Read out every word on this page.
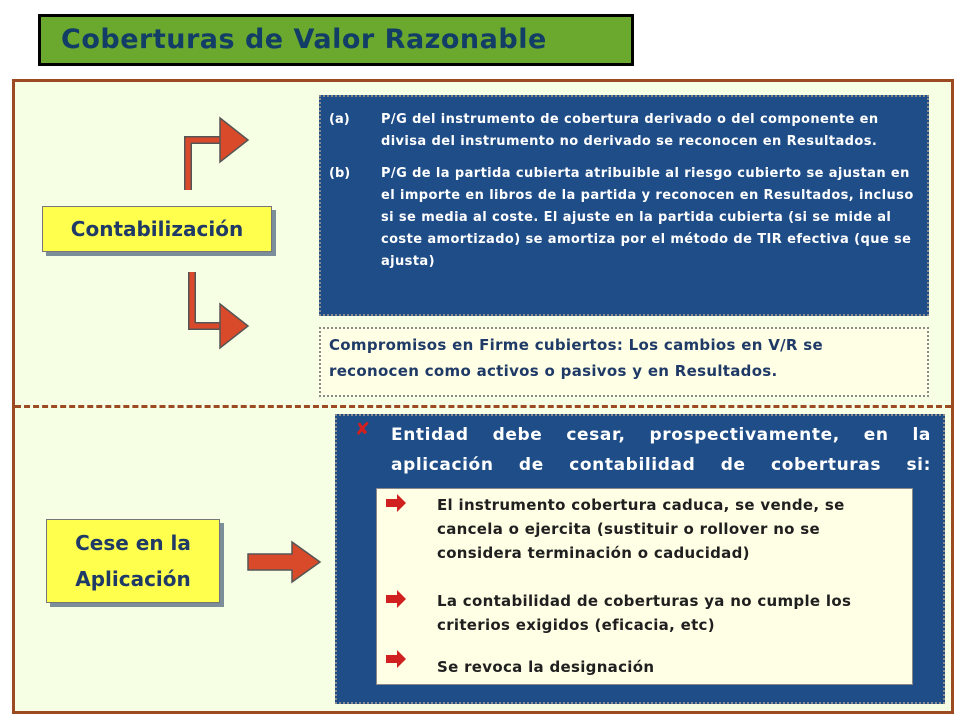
Coberturas de Valor Razonable
Contabilización
(a)	P/G del instrumento de cobertura derivado o del componente en divisa del instrumento no derivado se reconocen en Resultados.
(b)	P/G de la partida cubierta atribuible al riesgo cubierto se ajustan en el importe en libros de la partida y reconocen en Resultados, incluso si se media al coste. El ajuste en la partida cubierta (si se mide al coste amortizado) se amortiza por el método de TIR efectiva (que se ajusta)
Compromisos en Firme cubiertos: Los cambios en V/R se reconocen como activos o pasivos y en Resultados.
Cese en la
Aplicación
✘ Entidad debe cesar, prospectivamente, en la aplicación de contabilidad de coberturas si:
El instrumento cobertura caduca, se vende, se cancela o ejercita (sustituir o rollover no se considera terminación o caducidad)
La contabilidad de coberturas ya no cumple los criterios exigidos (eficacia, etc)
Se revoca la designación
